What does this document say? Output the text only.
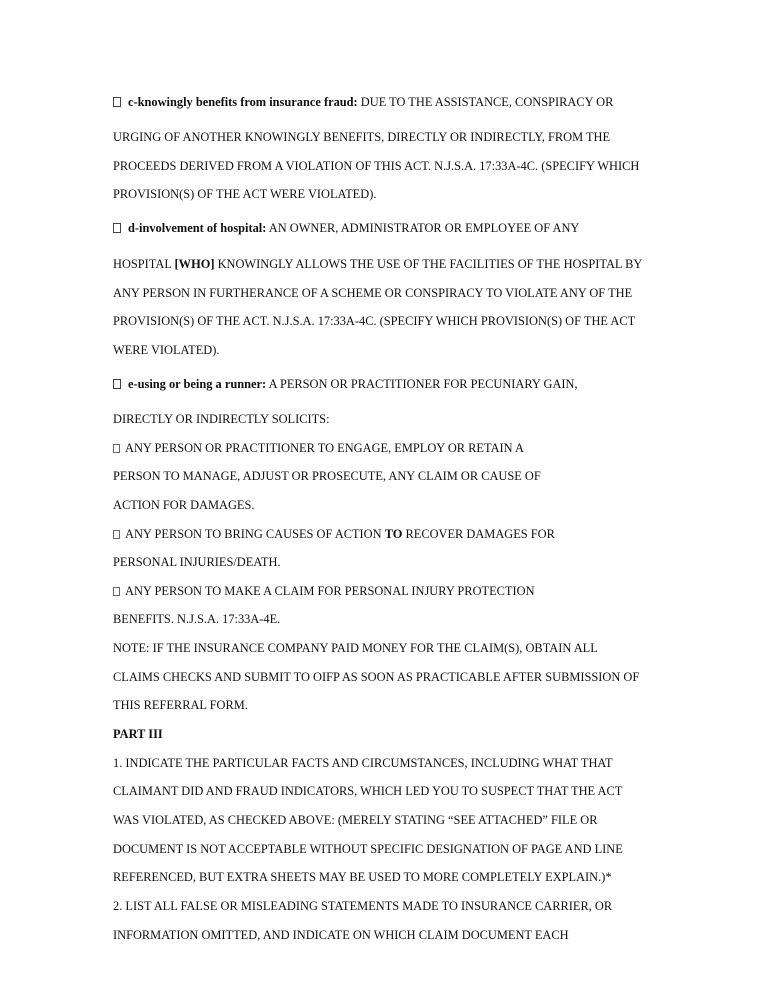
c-knowingly benefits from insurance fraud: DUE TO THE ASSISTANCE, CONSPIRACY OR
URGING OF ANOTHER KNOWINGLY BENEFITS, DIRECTLY OR INDIRECTLY, FROM THE
PROCEEDS DERIVED FROM A VIOLATION OF THIS ACT. N.J.S.A. 17:33A-4C. (SPECIFY WHICH
PROVISION(S) OF THE ACT WERE VIOLATED).
d-involvement of hospital: AN OWNER, ADMINISTRATOR OR EMPLOYEE OF ANY
HOSPITAL [WHO] KNOWINGLY ALLOWS THE USE OF THE FACILITIES OF THE HOSPITAL BY
ANY PERSON IN FURTHERANCE OF A SCHEME OR CONSPIRACY TO VIOLATE ANY OF THE
PROVISION(S) OF THE ACT. N.J.S.A. 17:33A-4C. (SPECIFY WHICH PROVISION(S) OF THE ACT
WERE VIOLATED).
e-using or being a runner: A PERSON OR PRACTITIONER FOR PECUNIARY GAIN,
DIRECTLY OR INDIRECTLY SOLICITS:
ANY PERSON OR PRACTITIONER TO ENGAGE, EMPLOY OR RETAIN A
PERSON TO MANAGE, ADJUST OR PROSECUTE, ANY CLAIM OR CAUSE OF
ACTION FOR DAMAGES.
ANY PERSON TO BRING CAUSES OF ACTION TO RECOVER DAMAGES FOR
PERSONAL INJURIES/DEATH.
ANY PERSON TO MAKE A CLAIM FOR PERSONAL INJURY PROTECTION
BENEFITS. N.J.S.A. 17:33A-4E.
NOTE: IF THE INSURANCE COMPANY PAID MONEY FOR THE CLAIM(S), OBTAIN ALL
CLAIMS CHECKS AND SUBMIT TO OIFP AS SOON AS PRACTICABLE AFTER SUBMISSION OF
THIS REFERRAL FORM.
PART III
1. INDICATE THE PARTICULAR FACTS AND CIRCUMSTANCES, INCLUDING WHAT THAT
CLAIMANT DID AND FRAUD INDICATORS, WHICH LED YOU TO SUSPECT THAT THE ACT
WAS VIOLATED, AS CHECKED ABOVE: (MERELY STATING “SEE ATTACHED” FILE OR
DOCUMENT IS NOT ACCEPTABLE WITHOUT SPECIFIC DESIGNATION OF PAGE AND LINE
REFERENCED, BUT EXTRA SHEETS MAY BE USED TO MORE COMPLETELY EXPLAIN.)*
2. LIST ALL FALSE OR MISLEADING STATEMENTS MADE TO INSURANCE CARRIER, OR
INFORMATION OMITTED, AND INDICATE ON WHICH CLAIM DOCUMENT EACH
